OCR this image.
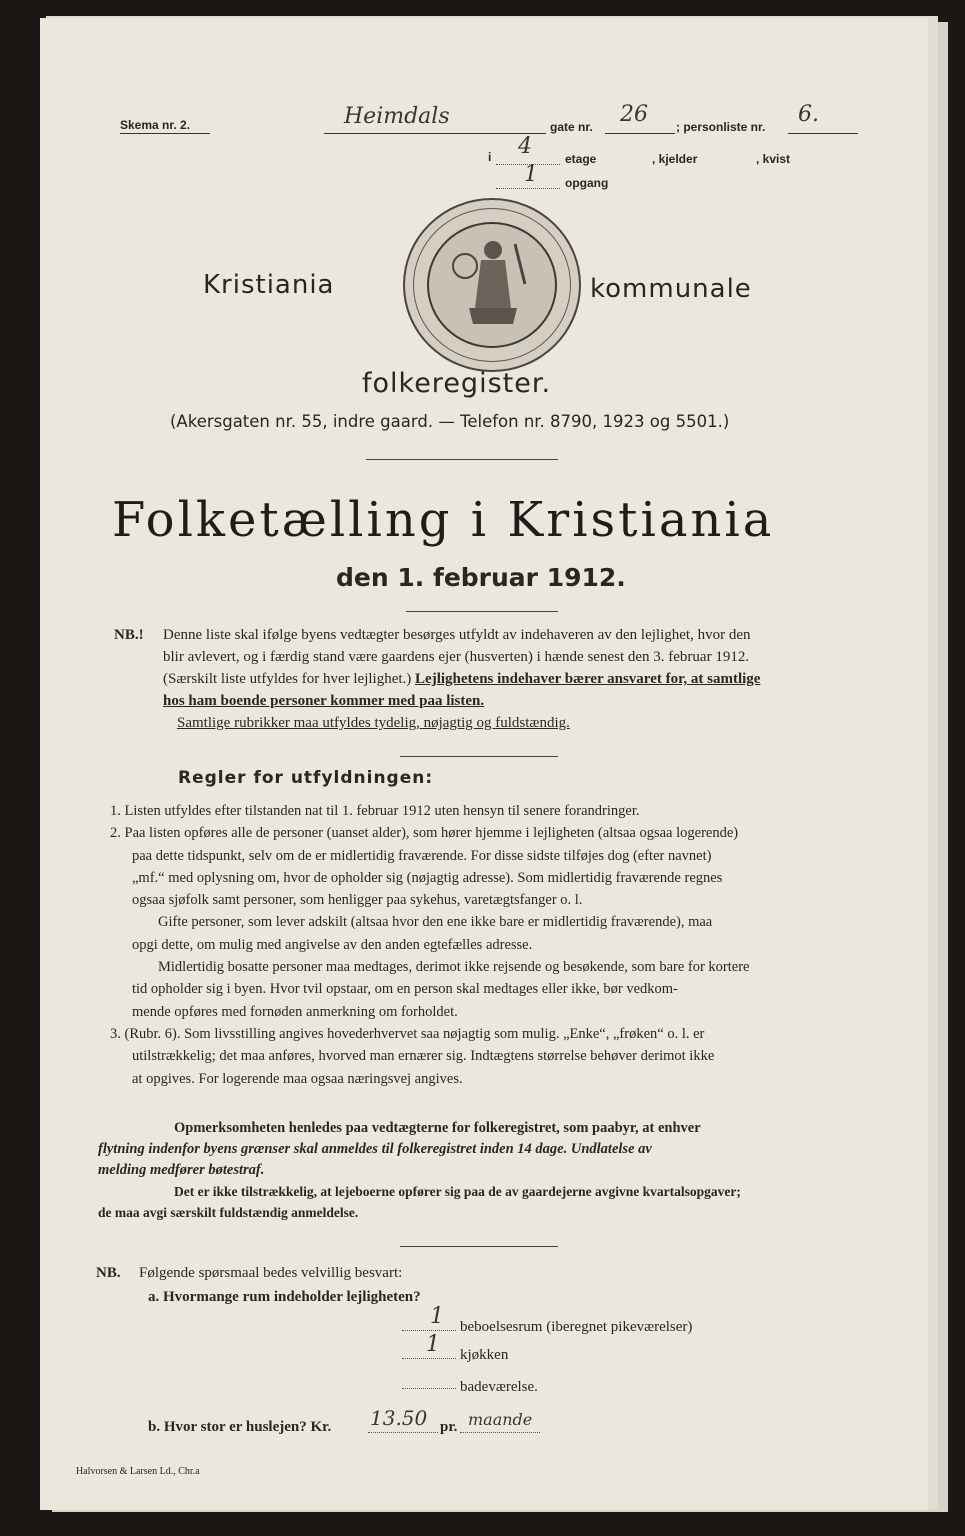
Skema nr. 2.	Heimdals	gate nr. 26 ; personliste nr. 6.
i 4	etage	, kjelder	, kvist
1 opgang
Kristiania	kommunale
folkeregister.
(Akersgaten nr. 55, indre gaard. — Telefon nr. 8790, 1923 og 5501.)
Folketælling i Kristiania
den 1. februar 1912.
NB.! Denne liste skal ifølge byens vedtægter besørges utfyldt av indehaveren av den lejlighet, hvor den
blir avlevert, og i færdig stand være gaardens ejer (husverten) i hænde senest den 3. februar 1912.
(Særskilt liste utfyldes for hver lejlighet.) Lejlighetens indehaver bærer ansvaret for, at samtlige
hos ham boende personer kommer med paa listen.
Samtlige rubrikker maa utfyldes tydelig, nøjagtig og fuldstændig.
Regler for utfyldningen:
1. Listen utfyldes efter tilstanden nat til 1. februar 1912 uten hensyn til senere forandringer.
2. Paa listen opføres alle de personer (uanset alder), som hører hjemme i lejligheten (altsaa ogsaa logerende)
paa dette tidspunkt, selv om de er midlertidig fraværende. For disse sidste tilføjes dog (efter navnet)
„mf.“ med oplysning om, hvor de opholder sig (nøjagtig adresse). Som midlertidig fraværende regnes
ogsaa sjøfolk samt personer, som henligger paa sykehus, varetægtsfanger o. l.
Gifte personer, som lever adskilt (altsaa hvor den ene ikke bare er midlertidig fraværende), maa
opgi dette, om mulig med angivelse av den anden egtefælles adresse.
Midlertidig bosatte personer maa medtages, derimot ikke rejsende og besøkende, som bare for kortere
tid opholder sig i byen. Hvor tvil opstaar, om en person skal medtages eller ikke, bør vedkom-
mende opføres med fornøden anmerkning om forholdet.
3. (Rubr. 6). Som livsstilling angives hovederhvervet saa nøjagtig som mulig. „Enke“, „frøken“ o. l. er
utilstrækkelig; det maa anføres, hvorved man ernærer sig. Indtægtens størrelse behøver derimot ikke
at opgives. For logerende maa ogsaa næringsvej angives.
Opmerksomheten henledes paa vedtægterne for folkeregistret, som paabyr, at enhver
flytning indenfor byens grænser skal anmeldes til folkeregistret inden 14 dage. Undlatelse av
melding medfører bøtestraf.
Det er ikke tilstrækkelig, at lejeboerne opfører sig paa de av gaardejerne avgivne kvartalsopgaver;
de maa avgi særskilt fuldstændig anmeldelse.
NB. Følgende spørsmaal bedes velvillig besvart:
a. Hvormange rum indeholder lejligheten?
1 beboelsesrum (iberegnet pikeværelser)
1 kjøkken
badeværelse.
b. Hvor stor er huslejen? Kr. 13.50 pr. maande
Halvorsen & Larsen Ld., Chr.a
